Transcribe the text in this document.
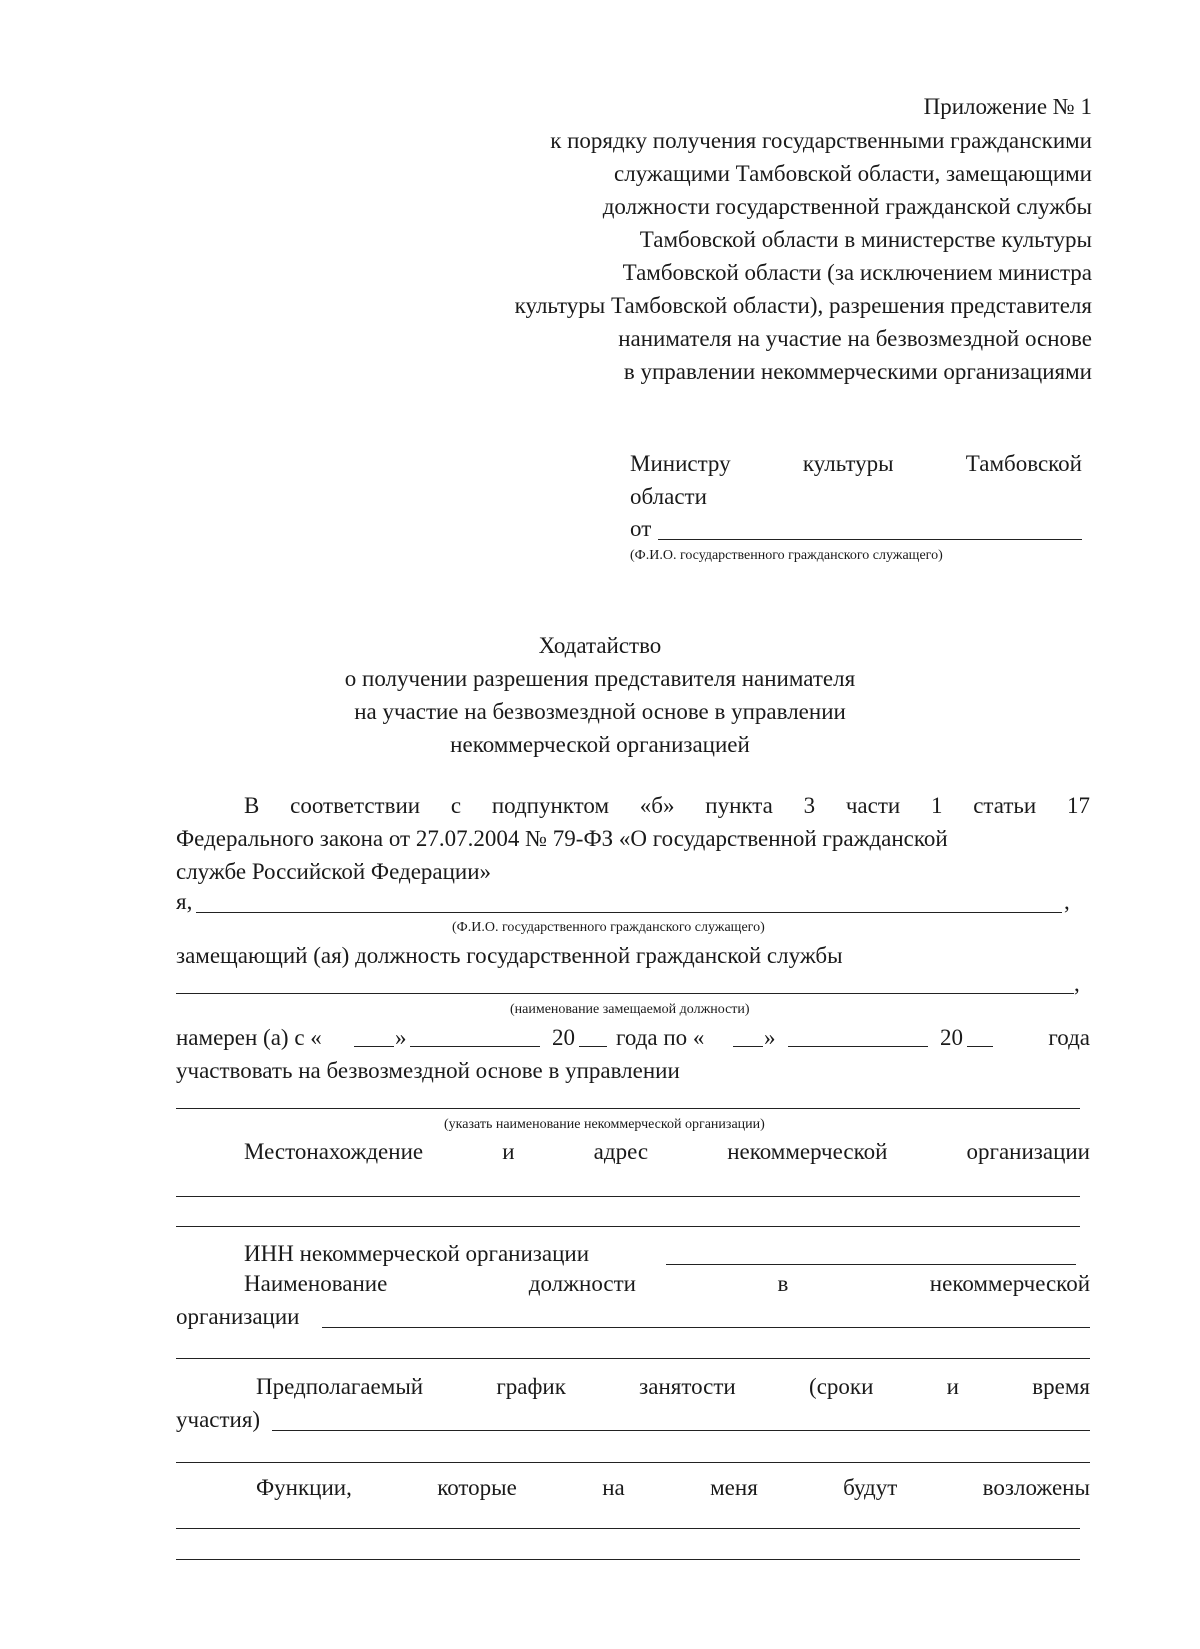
Приложение № 1
к порядку получения государственными гражданскими
служащими Тамбовской области, замещающими
должности государственной гражданской службы
Тамбовской области в министерстве культуры
Тамбовской области (за исключением министра
культуры Тамбовской области), разрешения представителя
нанимателя на участие на безвозмездной основе
в управлении некоммерческими организациями
Министру	культуры	Тамбовской
области
от
(Ф.И.О. государственного гражданского служащего)
Ходатайство
о получении разрешения представителя нанимателя
на участие на безвозмездной основе в управлении
некоммерческой организацией
В соответствии с подпунктом «б» пункта 3 части 1 статьи 17
Федерального закона от 27.07.2004 № 79-ФЗ «О государственной гражданской
службе Российской Федерации»
я,	,
(Ф.И.О. государственного гражданского служащего)
замещающий (ая) должность государственной гражданской службы
,
(наименование замещаемой должности)
намерен (а) с «	»	20 года по «	»	20	года
участвовать на безвозмездной основе в управлении
(указать наименование некоммерческой организации)
Местонахождение	и	адрес	некоммерческой	организации
ИНН некоммерческой организации
Наименование	должности	в	некоммерческой
организации
Предполагаемый	график	занятости	(сроки	и	время
участия)
Функции,	которые	на	меня	будут	возложены
